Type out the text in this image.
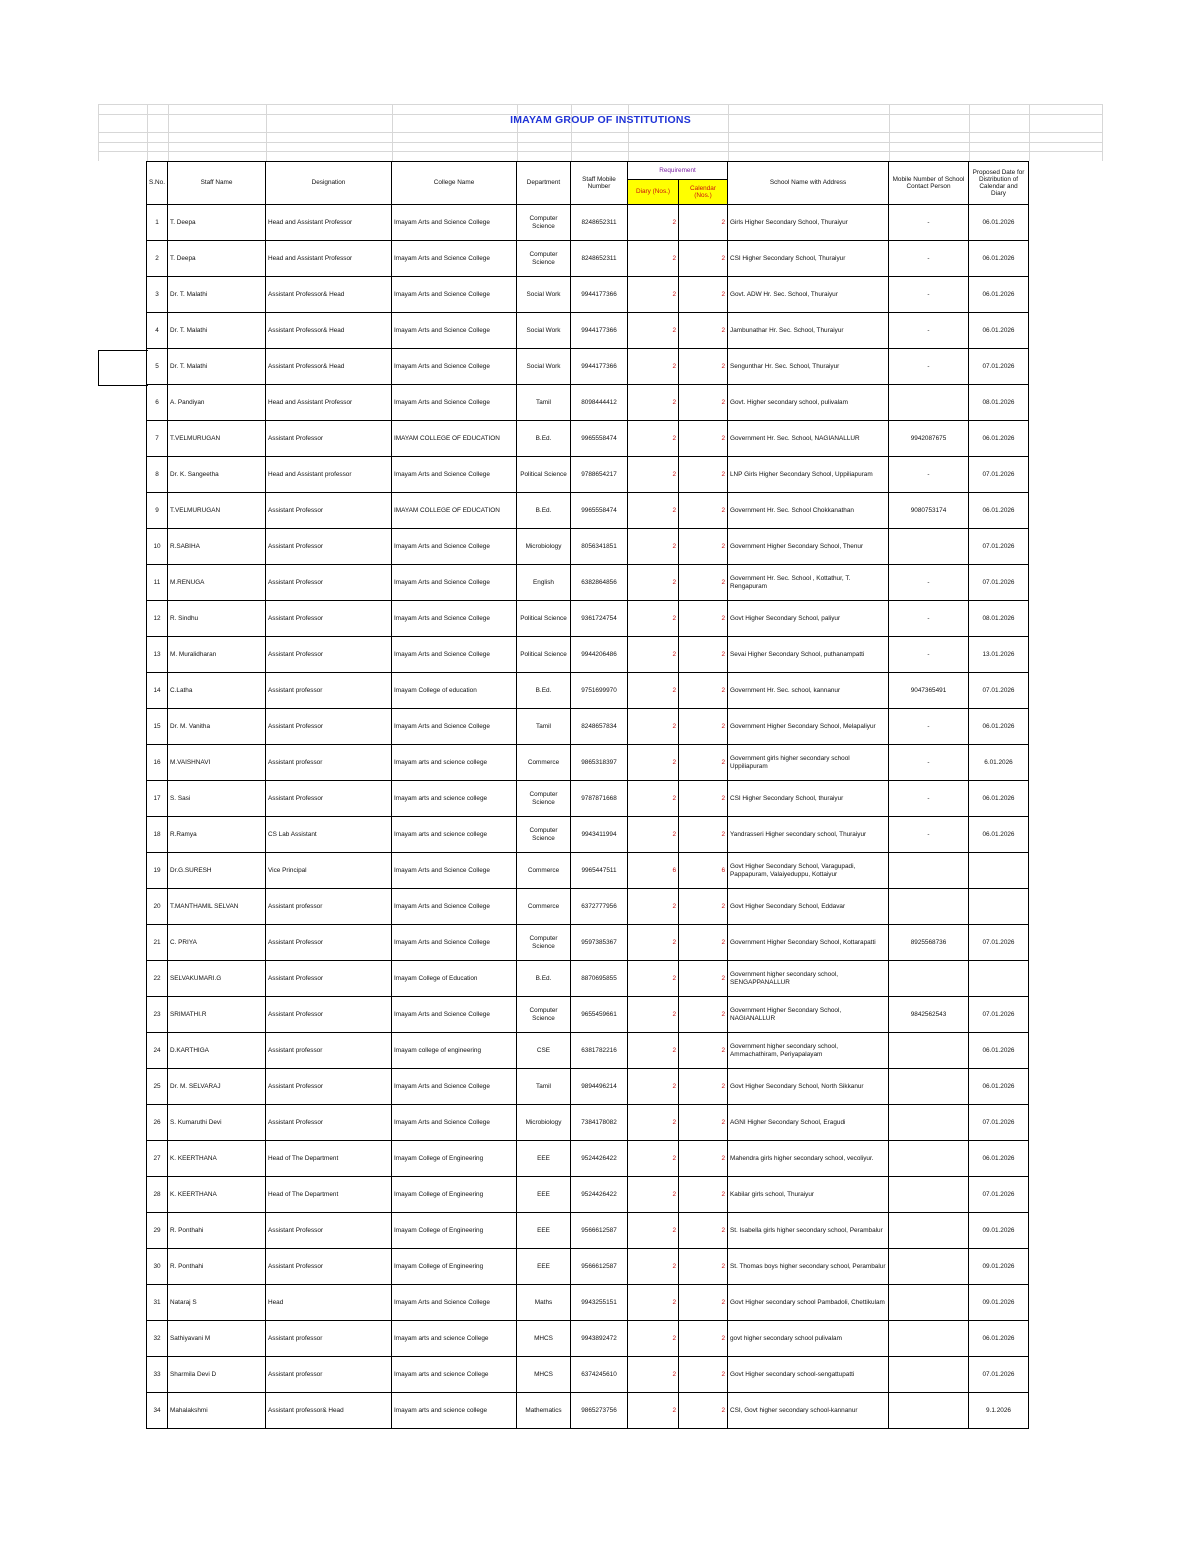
IMAYAM GROUP OF INSTITUTIONS
S.No.	Staff Name	Designation	College Name	Department	Staff Mobile Number	Requirement		School Name with Address	Mobile Number of School Contact Person	Proposed Date for Distribution of Calendar and Diary
						Diary (Nos.)	Calendar (Nos.)			
1	T. Deepa	Head and Assistant Professor	Imayam Arts and Science College	Computer Science	8248652311	2	2	Girls Higher Secondary School, Thuraiyur	-	06.01.2026
2	T. Deepa	Head and Assistant Professor	Imayam Arts and Science College	Computer Science	8248652311	2	2	CSI Higher Secondary School, Thuraiyur	-	06.01.2026
3	Dr. T. Malathi	Assistant Professor& Head	Imayam Arts and Science College	Social Work	9944177366	2	2	Govt. ADW Hr. Sec. School, Thuraiyur	-	06.01.2026
4	Dr. T. Malathi	Assistant Professor& Head	Imayam Arts and Science College	Social Work	9944177366	2	2	Jambunathar Hr. Sec. School, Thuraiyur	-	06.01.2026
5	Dr. T. Malathi	Assistant Professor& Head	Imayam Arts and Science College	Social Work	9944177366	2	2	Sengunthar Hr. Sec. School, Thuraiyur	-	07.01.2026
6	A. Pandiyan	Head and Assistant Professor	Imayam Arts and Science College	Tamil	8098444412	2	2	Govt. Higher secondary school, pulivalam		08.01.2026
7	T.VELMURUGAN	Assistant Professor	IMAYAM COLLEGE OF EDUCATION	B.Ed.	9965558474	2	2	Government Hr. Sec. School, NAGIANALLUR	9942087675	06.01.2026
8	Dr. K. Sangeetha	Head and Assistant professor	Imayam Arts and Science College	Political Science	9788654217	2	2	LNP Girls Higher Secondary School, Uppiliapuram	-	07.01.2026
9	T.VELMURUGAN	Assistant Professor	IMAYAM COLLEGE OF EDUCATION	B.Ed.	9965558474	2	2	Government Hr. Sec. School Chokkanathan	9080753174	06.01.2026
10	R.SABIHA	Assistant Professor	Imayam Arts and Science College	Microbiology	8056341851	2	2	Government Higher Secondary School, Thenur		07.01.2026
11	M.RENUGA	Assistant Professor	Imayam Arts and Science College	English	6382864856	2	2	Government Hr. Sec. School , Kottathur, T. Rengapuram	-	07.01.2026
12	R. Sindhu	Assistant Professor	Imayam Arts and Science College	Political Science	9361724754	2	2	Govt Higher Secondary School, paliyur	-	08.01.2026
13	M. Muralidharan	Assistant Professor	Imayam Arts and Science College	Political Science	9944206486	2	2	Sevai Higher Secondary School, puthanampatti	-	13.01.2026
14	C.Latha	Assistant professor	Imayam College of education	B.Ed.	9751699970	2	2	Government Hr. Sec. school, kannanur	9047365491	07.01.2026
15	Dr. M. Vanitha	Assistant Professor	Imayam Arts and Science College	Tamil	8248657834	2	2	Government Higher Secondary School, Melapaliyur	-	06.01.2026
16	M.VAISHNAVI	Assistant professor	Imayam arts and science college	Commerce	9865318397	2	2	Government girls higher secondary school Uppiliapuram	-	6.01.2026
17	S. Sasi	Assistant Professor	Imayam arts and science college	Computer Science	9787871668	2	2	CSI Higher Secondary School, thuraiyur	-	06.01.2026
18	R.Ramya	CS Lab Assistant	Imayam arts and science college	Computer Science	9943411994	2	2	Yandrasseri Higher secondary school, Thuraiyur	-	06.01.2026
19	Dr.G.SURESH	Vice Principal	Imayam Arts and Science College	Commerce	9965447511	6	6	Govt Higher Secondary School, Varagupadi, Pappapuram, Valaiyeduppu, Kottaiyur		
20	T.MANTHAMIL SELVAN	Assistant professor	Imayam Arts and Science College	Commerce	6372777956	2	2	Govt Higher Secondary School, Eddavar		
21	C. PRIYA	Assistant Professor	Imayam Arts and Science College	Computer Science	9597385367	2	2	Government Higher Secondary School, Kottarapatti	8925568736	07.01.2026
22	SELVAKUMARI.G	Assistant Professor	Imayam College of Education	B.Ed.	8870695855	2	2	Government higher secondary school, SENGAPPANALLUR		
23	SRIMATHI.R	Assistant Professor	Imayam Arts and Science College	Computer Science	9655459661	2	2	Government Higher Secondary School, NAGIANALLUR	9842562543	07.01.2026
24	D.KARTHIGA	Assistant professor	Imayam college of engineering	CSE	6381782216	2	2	Government higher secondary school, Ammachathiram, Periyapalayam		06.01.2026
25	Dr. M. SELVARAJ	Assistant Professor	Imayam Arts and Science College	Tamil	9894496214	2	2	Govt Higher Secondary School, North Sikkanur		06.01.2026
26	S. Kumaruthi Devi	Assistant Professor	Imayam Arts and Science College	Microbiology	7384178082	2	2	AGNI Higher Secondary School, Eragudi		07.01.2026
27	K. KEERTHANA	Head of The Department	Imayam College of Engineering	EEE	9524426422	2	2	Mahendra girls higher secondary school, vecoliyur.		06.01.2026
28	K. KEERTHANA	Head of The Department	Imayam College of Engineering	EEE	9524426422	2	2	Kabilar girls school, Thuraiyur		07.01.2026
29	R. Ponthahi	Assistant Professor	Imayam College of Engineering	EEE	9566612587	2	2	St. Isabella girls higher secondary school, Perambalur		09.01.2026
30	R. Ponthahi	Assistant Professor	Imayam College of Engineering	EEE	9566612587	2	2	St. Thomas boys higher secondary school, Perambalur		09.01.2026
31	Nataraj S	Head	Imayam Arts and Science College	Maths	9943255151	2	2	Govt Higher secondary school Pambadoli, Chettikulam		09.01.2026
32	Sathiyavani M	Assistant professor	Imayam arts and science College	MHCS	9943892472	2	2	govt higher secondary school pulivalam		06.01.2026
33	Sharmila Devi D	Assistant professor	Imayam arts and science College	MHCS	6374245610	2	2	Govt Higher secondary school-sengattupatti		07.01.2026
34	Mahalakshmi	Assistant professor& Head	Imayam arts and science college	Mathematics	9865273756	2	2	CSI, Govt higher secondary school-kannanur		9.1.2026
